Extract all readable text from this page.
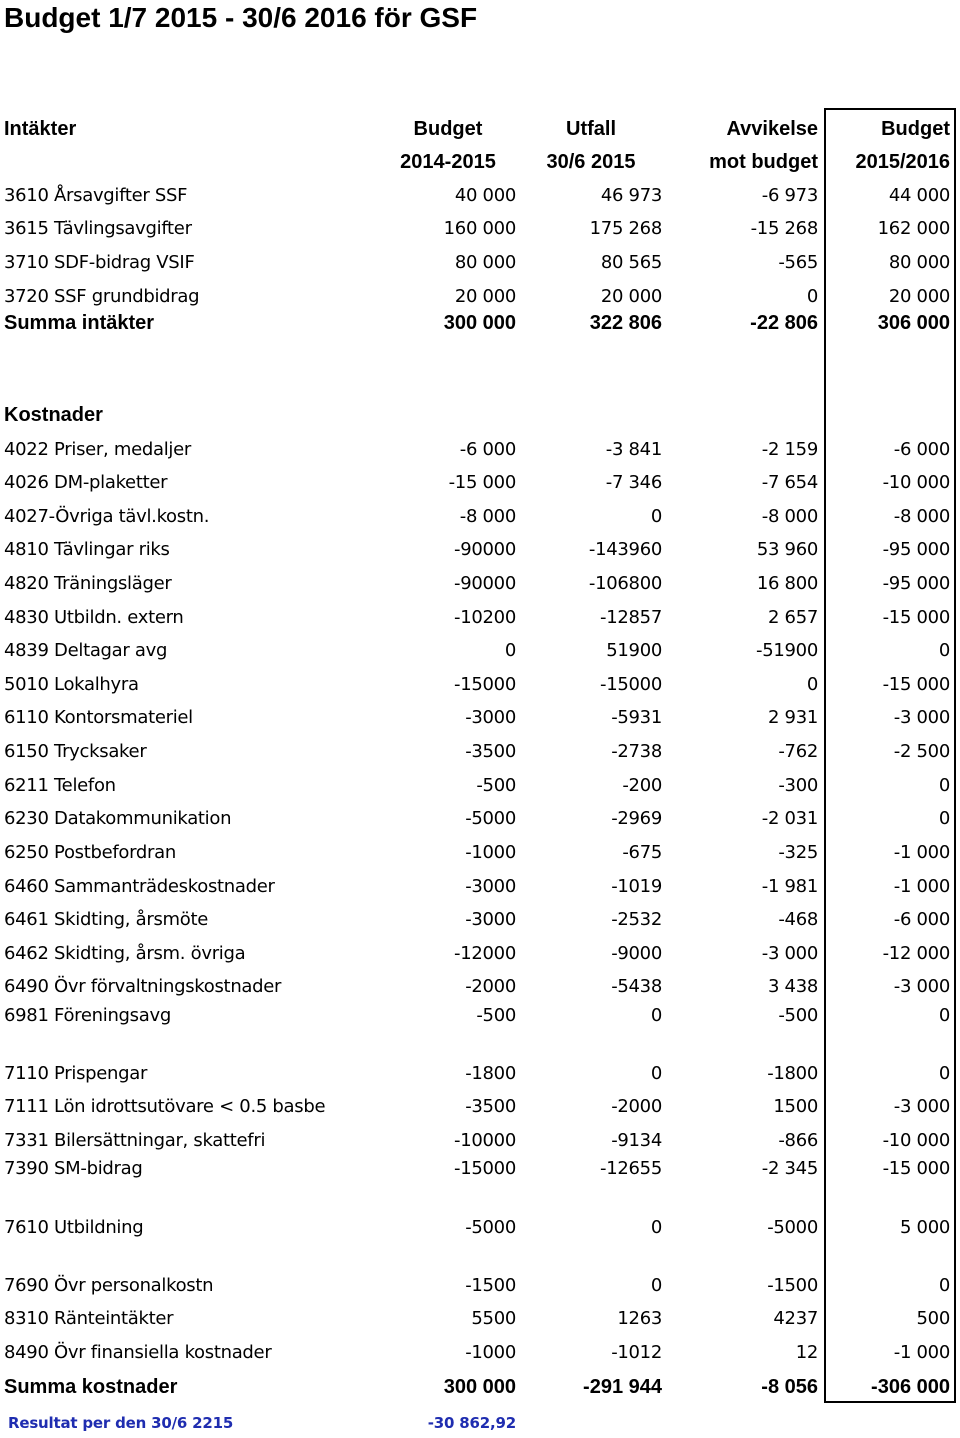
Budget 1/7 2015 - 30/6 2016 för GSF
Intäkter	Budget	Utfall	Avvikelse	Budget
2014-2015	30/6 2015	mot budget	2015/2016
3610 Årsavgifter SSF	40 000	46 973	-6 973	44 000
3615 Tävlingsavgifter	160 000	175 268	-15 268	162 000
3710 SDF-bidrag VSIF	80 000	80 565	-565	80 000
3720 SSF grundbidrag	20 000	20 000	0	20 000
Summa intäkter	300 000	322 806	-22 806	306 000
Kostnader
4022 Priser, medaljer	-6 000	-3 841	-2 159	-6 000
4026 DM-plaketter	-15 000	-7 346	-7 654	-10 000
4027-Övriga tävl.kostn.	-8 000	0	-8 000	-8 000
4810 Tävlingar riks	-90000	-143960	53 960	-95 000
4820 Träningsläger	-90000	-106800	16 800	-95 000
4830 Utbildn. extern	-10200	-12857	2 657	-15 000
4839 Deltagar avg	0	51900	-51900	0
5010 Lokalhyra	-15000	-15000	0	-15 000
6110 Kontorsmateriel	-3000	-5931	2 931	-3 000
6150 Trycksaker	-3500	-2738	-762	-2 500
6211 Telefon	-500	-200	-300	0
6230 Datakommunikation	-5000	-2969	-2 031	0
6250 Postbefordran	-1000	-675	-325	-1 000
6460 Sammanträdeskostnader	-3000	-1019	-1 981	-1 000
6461 Skidting, årsmöte	-3000	-2532	-468	-6 000
6462 Skidting, årsm. övriga	-12000	-9000	-3 000	-12 000
6490 Övr förvaltningskostnader	-2000	-5438	3 438	-3 000
6981 Föreningsavg	-500	0	-500	0
7110 Prispengar	-1800	0	-1800	0
7111 Lön idrottsutövare < 0.5 basbe	-3500	-2000	1500	-3 000
7331 Bilersättningar, skattefri	-10000	-9134	-866	-10 000
7390 SM-bidrag	-15000	-12655	-2 345	-15 000
7610 Utbildning	-5000	0	-5000	5 000
7690 Övr personalkostn	-1500	0	-1500	0
8310 Ränteintäkter	5500	1263	4237	500
8490 Övr finansiella kostnader	-1000	-1012	12	-1 000
Summa kostnader	300 000	-291 944	-8 056	-306 000
Resultat per den 30/6 2215	-30 862,92
